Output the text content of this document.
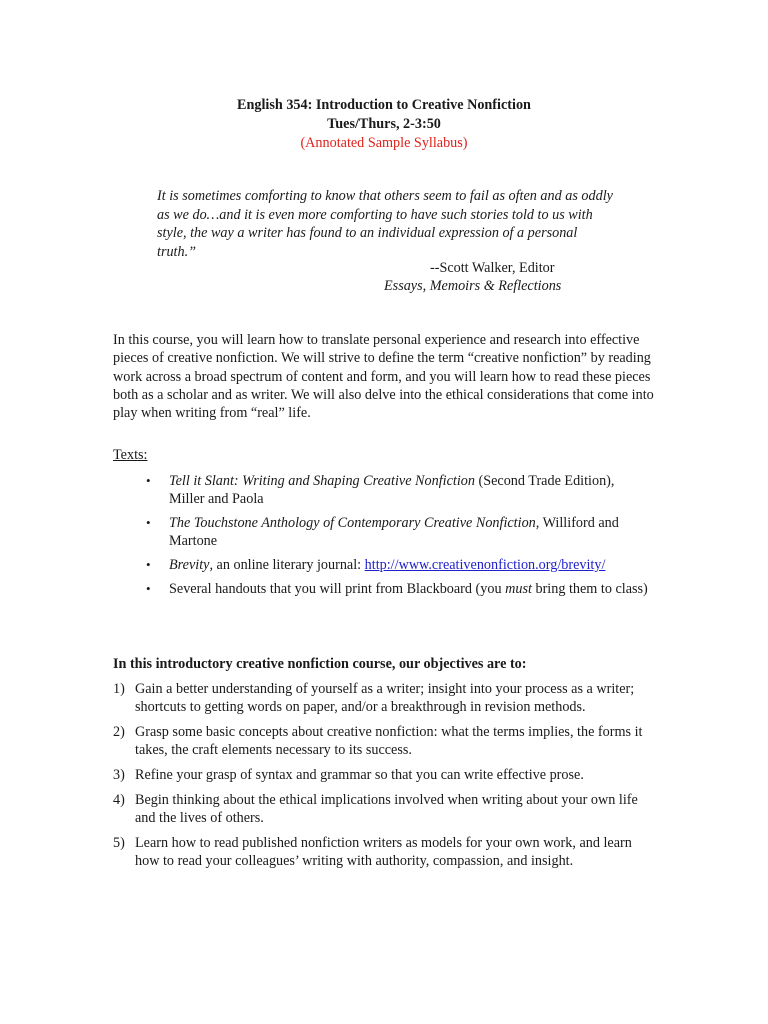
English 354: Introduction to Creative Nonfiction
Tues/Thurs, 2-3:50
(Annotated Sample Syllabus)
It is sometimes comforting to know that others seem to fail as often and as oddly as we do…and it is even more comforting to have such stories told to us with style, the way a writer has found to an individual expression of a personal truth.”
--Scott Walker, Editor
Essays, Memoirs & Reflections
In this course, you will learn how to translate personal experience and research into effective pieces of creative nonfiction. We will strive to define the term “creative nonfiction” by reading work across a broad spectrum of content and form, and you will learn how to read these pieces both as a scholar and as writer. We will also delve into the ethical considerations that come into play when writing from “real” life.
Texts:
• Tell it Slant: Writing and Shaping Creative Nonfiction (Second Trade Edition), Miller and Paola
• The Touchstone Anthology of Contemporary Creative Nonfiction, Williford and Martone
• Brevity, an online literary journal: http://www.creativenonfiction.org/brevity/
• Several handouts that you will print from Blackboard (you must bring them to class)
In this introductory creative nonfiction course, our objectives are to:
1) Gain a better understanding of yourself as a writer; insight into your process as a writer; shortcuts to getting words on paper, and/or a breakthrough in revision methods.
2) Grasp some basic concepts about creative nonfiction: what the terms implies, the forms it takes, the craft elements necessary to its success.
3) Refine your grasp of syntax and grammar so that you can write effective prose.
4) Begin thinking about the ethical implications involved when writing about your own life and the lives of others.
5) Learn how to read published nonfiction writers as models for your own work, and learn how to read your colleagues’ writing with authority, compassion, and insight.
